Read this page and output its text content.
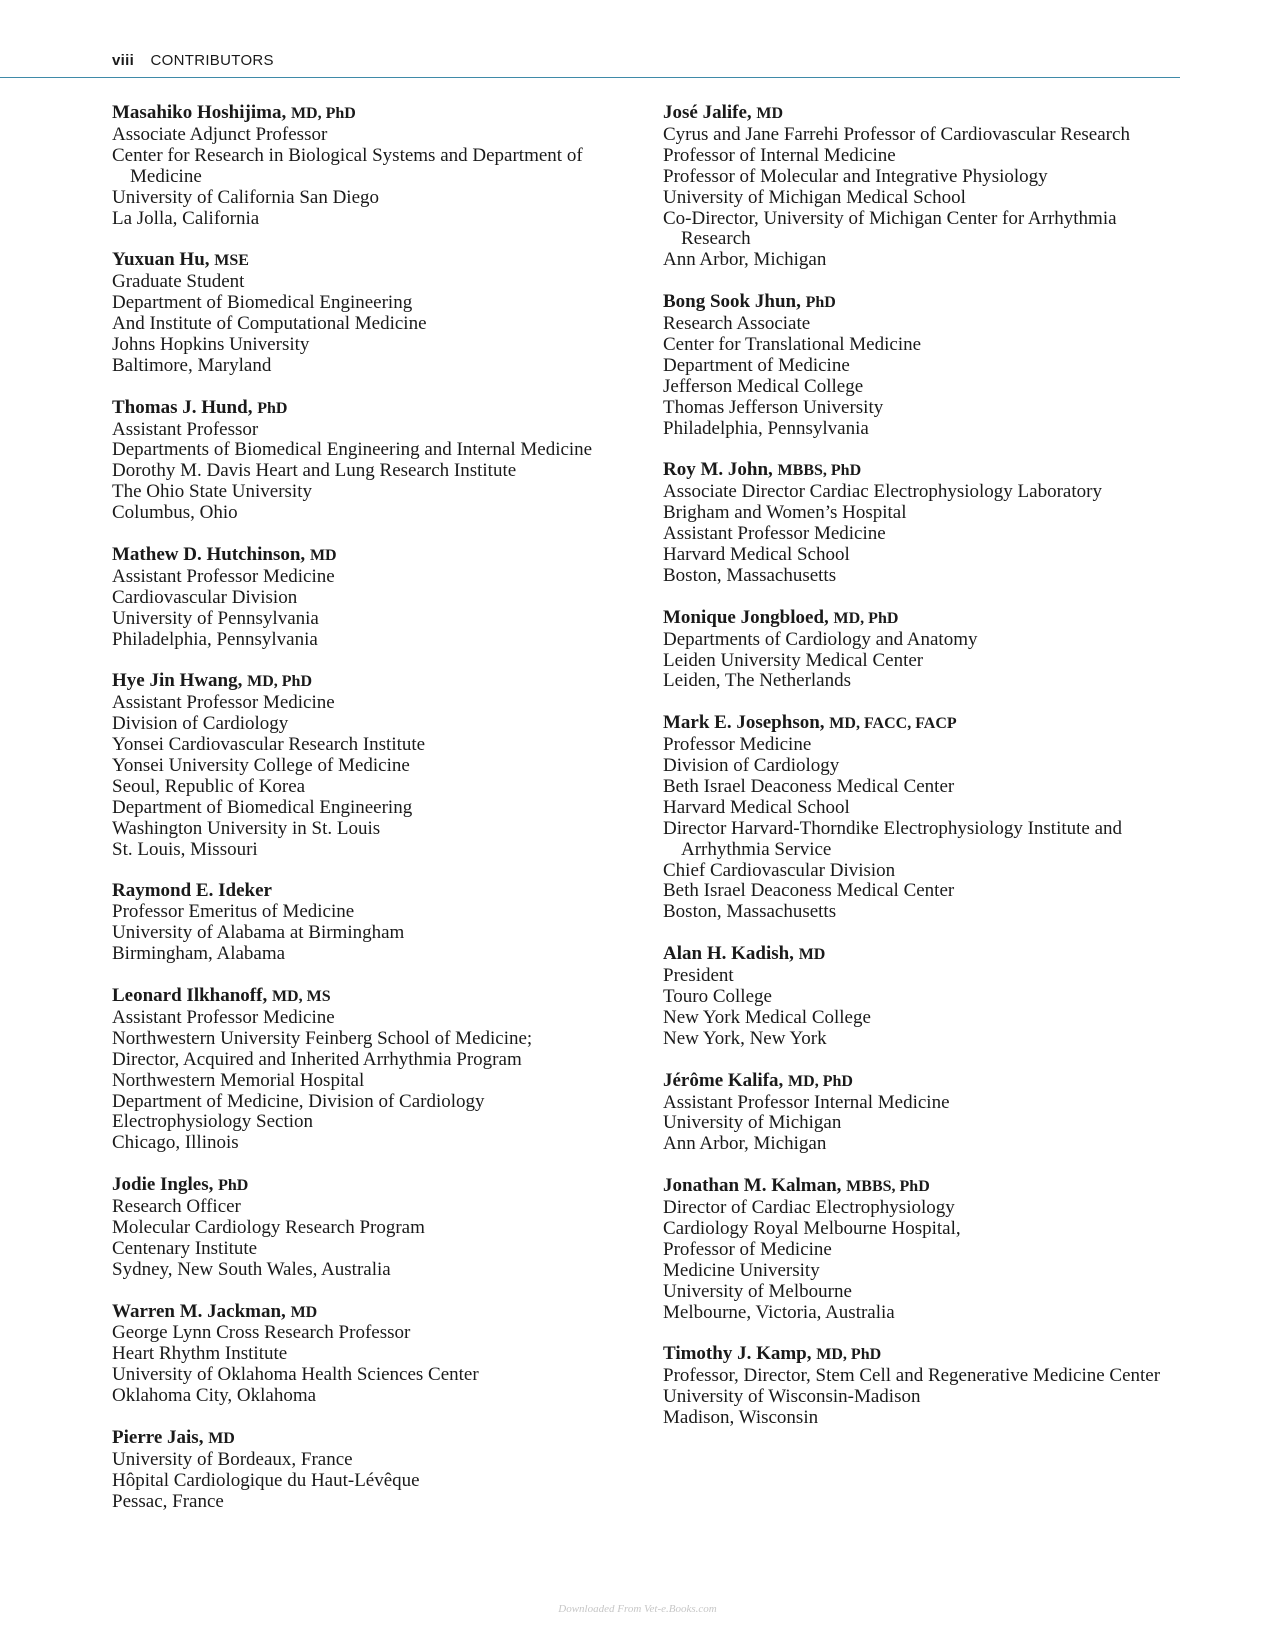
viii CONTRIBUTORS
Masahiko Hoshijima, MD, PhD
Associate Adjunct Professor
Center for Research in Biological Systems and Department of Medicine
University of California San Diego
La Jolla, California
Yuxuan Hu, MSE
Graduate Student
Department of Biomedical Engineering
And Institute of Computational Medicine
Johns Hopkins University
Baltimore, Maryland
Thomas J. Hund, PhD
Assistant Professor
Departments of Biomedical Engineering and Internal Medicine
Dorothy M. Davis Heart and Lung Research Institute
The Ohio State University
Columbus, Ohio
Mathew D. Hutchinson, MD
Assistant Professor Medicine
Cardiovascular Division
University of Pennsylvania
Philadelphia, Pennsylvania
Hye Jin Hwang, MD, PhD
Assistant Professor Medicine
Division of Cardiology
Yonsei Cardiovascular Research Institute
Yonsei University College of Medicine
Seoul, Republic of Korea
Department of Biomedical Engineering
Washington University in St. Louis
St. Louis, Missouri
Raymond E. Ideker
Professor Emeritus of Medicine
University of Alabama at Birmingham
Birmingham, Alabama
Leonard Ilkhanoff, MD, MS
Assistant Professor Medicine
Northwestern University Feinberg School of Medicine;
Director, Acquired and Inherited Arrhythmia Program
Northwestern Memorial Hospital
Department of Medicine, Division of Cardiology
Electrophysiology Section
Chicago, Illinois
Jodie Ingles, PhD
Research Officer
Molecular Cardiology Research Program
Centenary Institute
Sydney, New South Wales, Australia
Warren M. Jackman, MD
George Lynn Cross Research Professor
Heart Rhythm Institute
University of Oklahoma Health Sciences Center
Oklahoma City, Oklahoma
Pierre Jais, MD
University of Bordeaux, France
Hôpital Cardiologique du Haut-Lévêque
Pessac, France
José Jalife, MD
Cyrus and Jane Farrehi Professor of Cardiovascular Research
Professor of Internal Medicine
Professor of Molecular and Integrative Physiology
University of Michigan Medical School
Co-Director, University of Michigan Center for Arrhythmia Research
Ann Arbor, Michigan
Bong Sook Jhun, PhD
Research Associate
Center for Translational Medicine
Department of Medicine
Jefferson Medical College
Thomas Jefferson University
Philadelphia, Pennsylvania
Roy M. John, MBBS, PhD
Associate Director Cardiac Electrophysiology Laboratory
Brigham and Women’s Hospital
Assistant Professor Medicine
Harvard Medical School
Boston, Massachusetts
Monique Jongbloed, MD, PhD
Departments of Cardiology and Anatomy
Leiden University Medical Center
Leiden, The Netherlands
Mark E. Josephson, MD, FACC, FACP
Professor Medicine
Division of Cardiology
Beth Israel Deaconess Medical Center
Harvard Medical School
Director Harvard-Thorndike Electrophysiology Institute and Arrhythmia Service
Chief Cardiovascular Division
Beth Israel Deaconess Medical Center
Boston, Massachusetts
Alan H. Kadish, MD
President
Touro College
New York Medical College
New York, New York
Jérôme Kalifa, MD, PhD
Assistant Professor Internal Medicine
University of Michigan
Ann Arbor, Michigan
Jonathan M. Kalman, MBBS, PhD
Director of Cardiac Electrophysiology
Cardiology Royal Melbourne Hospital,
Professor of Medicine
Medicine University
University of Melbourne
Melbourne, Victoria, Australia
Timothy J. Kamp, MD, PhD
Professor, Director, Stem Cell and Regenerative Medicine Center
University of Wisconsin-Madison
Madison, Wisconsin
Downloaded From Vet-e.Books.com
